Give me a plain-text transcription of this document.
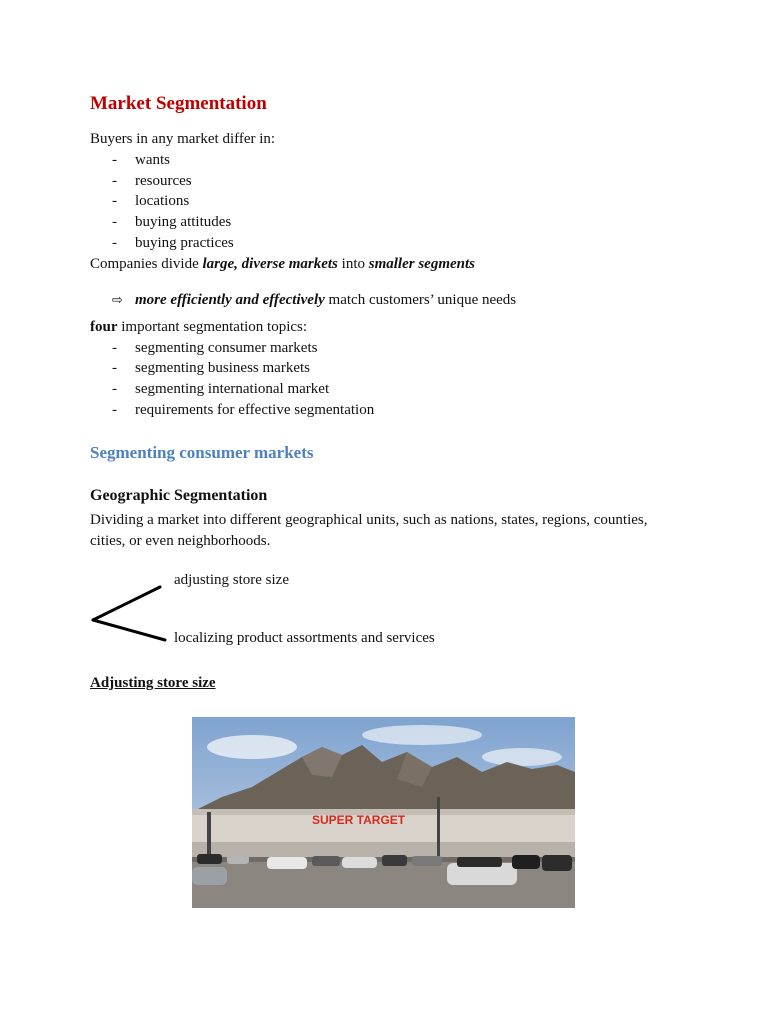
Market Segmentation

Buyers in any market differ in:

- wants

- resources

- locations

- buying attitudes

- buying practices

Companies divide large, diverse markets into smaller segments

⇨ more efficiently and effectively match customers’ unique needs

four important segmentation topics:

- segmenting consumer markets

- segmenting business markets

- segmenting international market

- requirements for effective segmentation

Segmenting consumer markets
Geographic Segmentation

Dividing a market into different geographical units, such as nations, states, regions, counties, cities, or even neighborhoods.

adjusting store size
localizing product assortments and services
Adjusting store size
SUPER TARGET
